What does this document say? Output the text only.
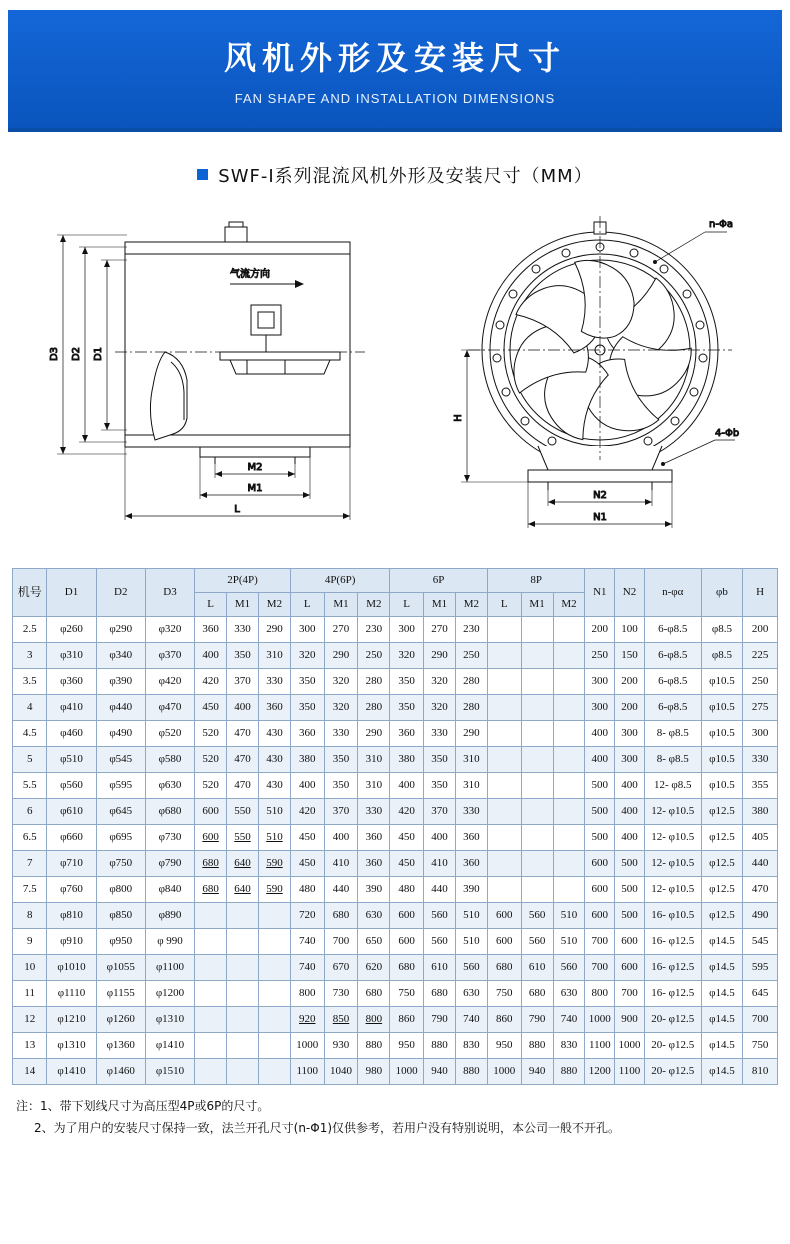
风机外形及安装尺寸
FAN SHAPE AND INSTALLATION DIMENSIONS
SWF-I系列混流风机外形及安装尺寸（MM）
气流方向
D3 D2 D1
M2
M1
L
n-Φa
4-Φb
H
N2
N1
机号	D1	D2	D3	2P(4P)			4P(6P)			6P			8P			N1	N2	n-φα	φb	H
				L	M1	M2	L	M1	M2	L	M1	M2	L	M1	M2					
2.5	φ260	φ290	φ320	360	330	290	300	270	230	300	270	230				200	100	6-φ8.5	φ8.5	200
3	φ310	φ340	φ370	400	350	310	320	290	250	320	290	250				250	150	6-φ8.5	φ8.5	225
3.5	φ360	φ390	φ420	420	370	330	350	320	280	350	320	280				300	200	6-φ8.5	φ10.5	250
4	φ410	φ440	φ470	450	400	360	350	320	280	350	320	280				300	200	6-φ8.5	φ10.5	275
4.5	φ460	φ490	φ520	520	470	430	360	330	290	360	330	290				400	300	8- φ8.5	φ10.5	300
5	φ510	φ545	φ580	520	470	430	380	350	310	380	350	310				400	300	8- φ8.5	φ10.5	330
5.5	φ560	φ595	φ630	520	470	430	400	350	310	400	350	310				500	400	12- φ8.5	φ10.5	355
6	φ610	φ645	φ680	600	550	510	420	370	330	420	370	330				500	400	12- φ10.5	φ12.5	380
6.5	φ660	φ695	φ730	600	550	510	450	400	360	450	400	360				500	400	12- φ10.5	φ12.5	405
7	φ710	φ750	φ790	680	640	590	450	410	360	450	410	360				600	500	12- φ10.5	φ12.5	440
7.5	φ760	φ800	φ840	680	640	590	480	440	390	480	440	390				600	500	12- φ10.5	φ12.5	470
8	φ810	φ850	φ890				720	680	630	600	560	510	600	560	510	600	500	16- φ10.5	φ12.5	490
9	φ910	φ950	φ 990				740	700	650	600	560	510	600	560	510	700	600	16- φ12.5	φ14.5	545
10	φ1010	φ1055	φ1100				740	670	620	680	610	560	680	610	560	700	600	16- φ12.5	φ14.5	595
11	φ1110	φ1155	φ1200				800	730	680	750	680	630	750	680	630	800	700	16- φ12.5	φ14.5	645
12	φ1210	φ1260	φ1310				920	850	800	860	790	740	860	790	740	1000	900	20- φ12.5	φ14.5	700
13	φ1310	φ1360	φ1410				1000	930	880	950	880	830	950	880	830	1100	1000	20- φ12.5	φ14.5	750
14	φ1410	φ1460	φ1510				1100	1040	980	1000	940	880	1000	940	880	1200	1100	20- φ12.5	φ14.5	810
注：1、带下划线尺寸为高压型4P或6P的尺寸。
2、为了用户的安装尺寸保持一致，法兰开孔尺寸(n-Φ1)仅供参考，若用户没有特别说明，本公司一般不开孔。
